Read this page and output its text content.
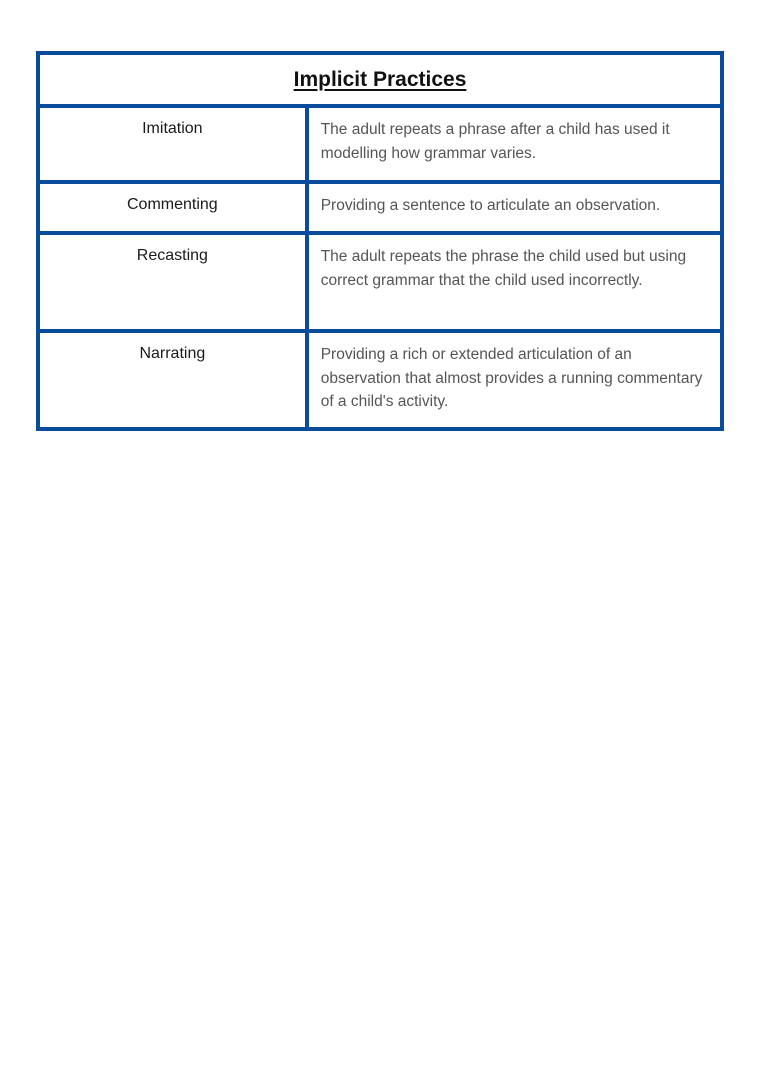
Implicit Practices	
Imitation	The adult repeats a phrase after a child has used it modelling how grammar varies.
Commenting	Providing a sentence to articulate an observation.
Recasting	The adult repeats the phrase the child used but using correct grammar that the child used incorrectly.
Narrating	Providing a rich or extended articulation of an observation that almost provides a running commentary of a child's activity.
